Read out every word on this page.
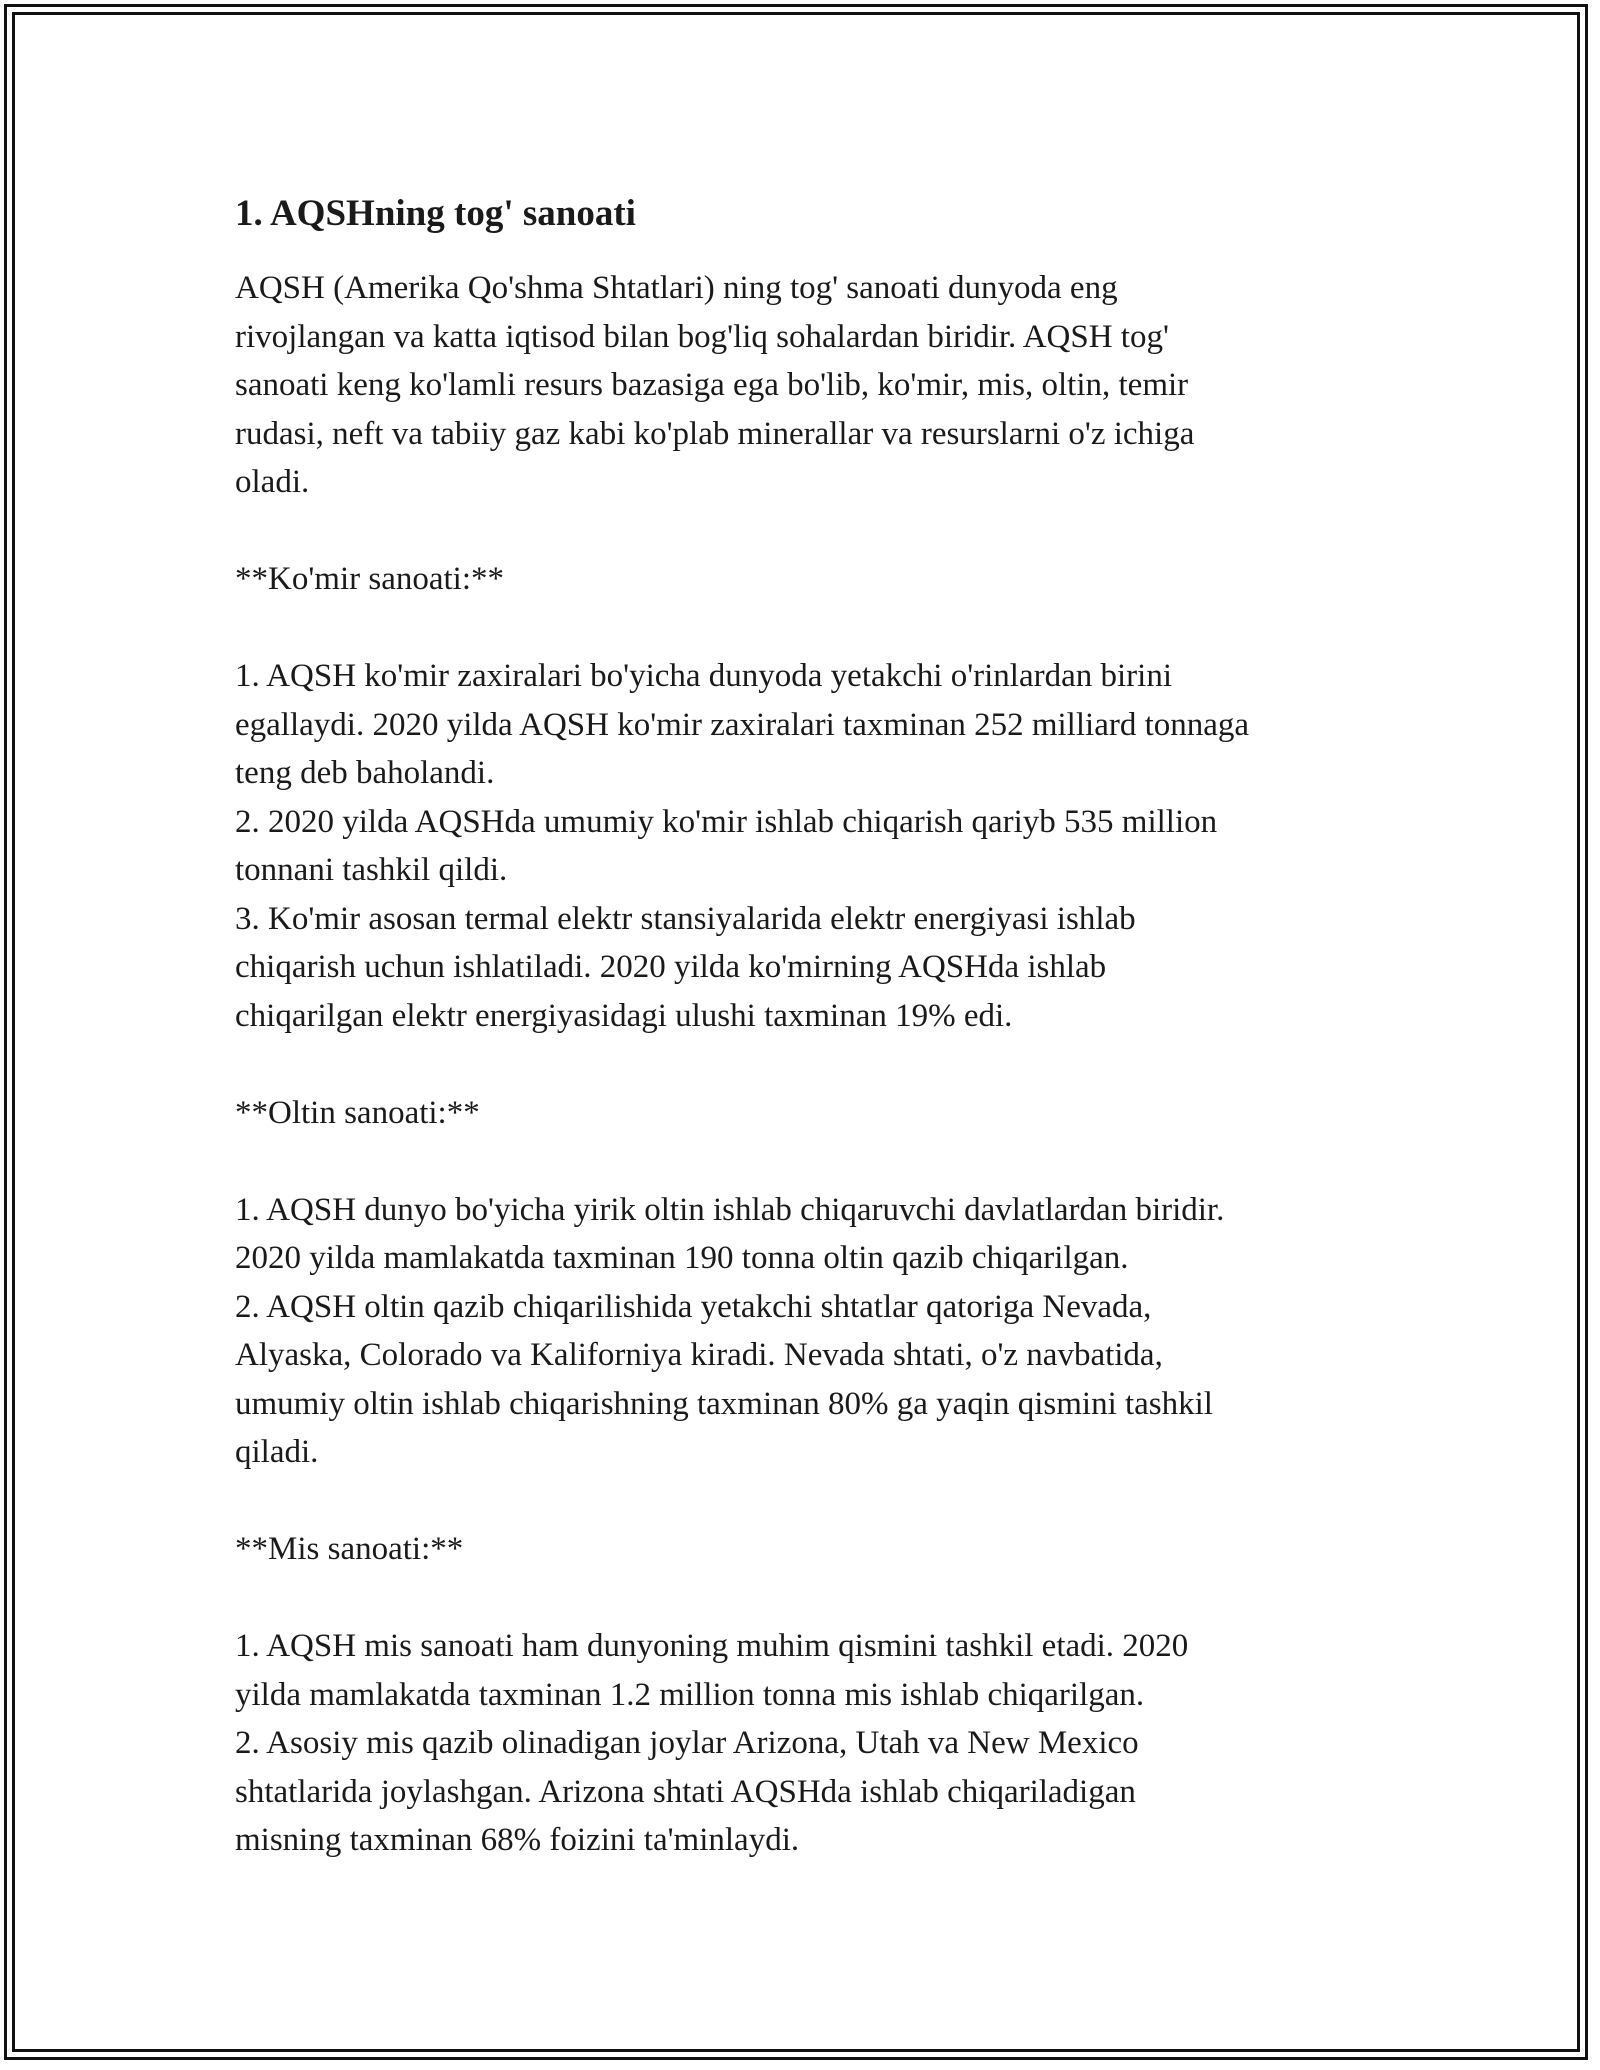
1. AQSHning tog' sanoati

AQSH (Amerika Qo'shma Shtatlari) ning tog' sanoati dunyoda eng

rivojlangan va katta iqtisod bilan bog'liq sohalardan biridir. AQSH tog'

sanoati keng ko'lamli resurs bazasiga ega bo'lib, ko'mir, mis, oltin, temir

rudasi, neft va tabiiy gaz kabi ko'plab minerallar va resurslarni o'z ichiga

oladi.

**Ko'mir sanoati:**

1. AQSH ko'mir zaxiralari bo'yicha dunyoda yetakchi o'rinlardan birini

egallaydi. 2020 yilda AQSH ko'mir zaxiralari taxminan 252 milliard tonnaga

teng deb baholandi.

2. 2020 yilda AQSHda umumiy ko'mir ishlab chiqarish qariyb 535 million

tonnani tashkil qildi.

3. Ko'mir asosan termal elektr stansiyalarida elektr energiyasi ishlab

chiqarish uchun ishlatiladi. 2020 yilda ko'mirning AQSHda ishlab

chiqarilgan elektr energiyasidagi ulushi taxminan 19% edi.

**Oltin sanoati:**

1. AQSH dunyo bo'yicha yirik oltin ishlab chiqaruvchi davlatlardan biridir.

2020 yilda mamlakatda taxminan 190 tonna oltin qazib chiqarilgan.

2. AQSH oltin qazib chiqarilishida yetakchi shtatlar qatoriga Nevada,

Alyaska, Colorado va Kaliforniya kiradi. Nevada shtati, o'z navbatida,

umumiy oltin ishlab chiqarishning taxminan 80% ga yaqin qismini tashkil

qiladi.

**Mis sanoati:**

1. AQSH mis sanoati ham dunyoning muhim qismini tashkil etadi. 2020

yilda mamlakatda taxminan 1.2 million tonna mis ishlab chiqarilgan.

2. Asosiy mis qazib olinadigan joylar Arizona, Utah va New Mexico

shtatlarida joylashgan. Arizona shtati AQSHda ishlab chiqariladigan

misning taxminan 68% foizini ta'minlaydi.
